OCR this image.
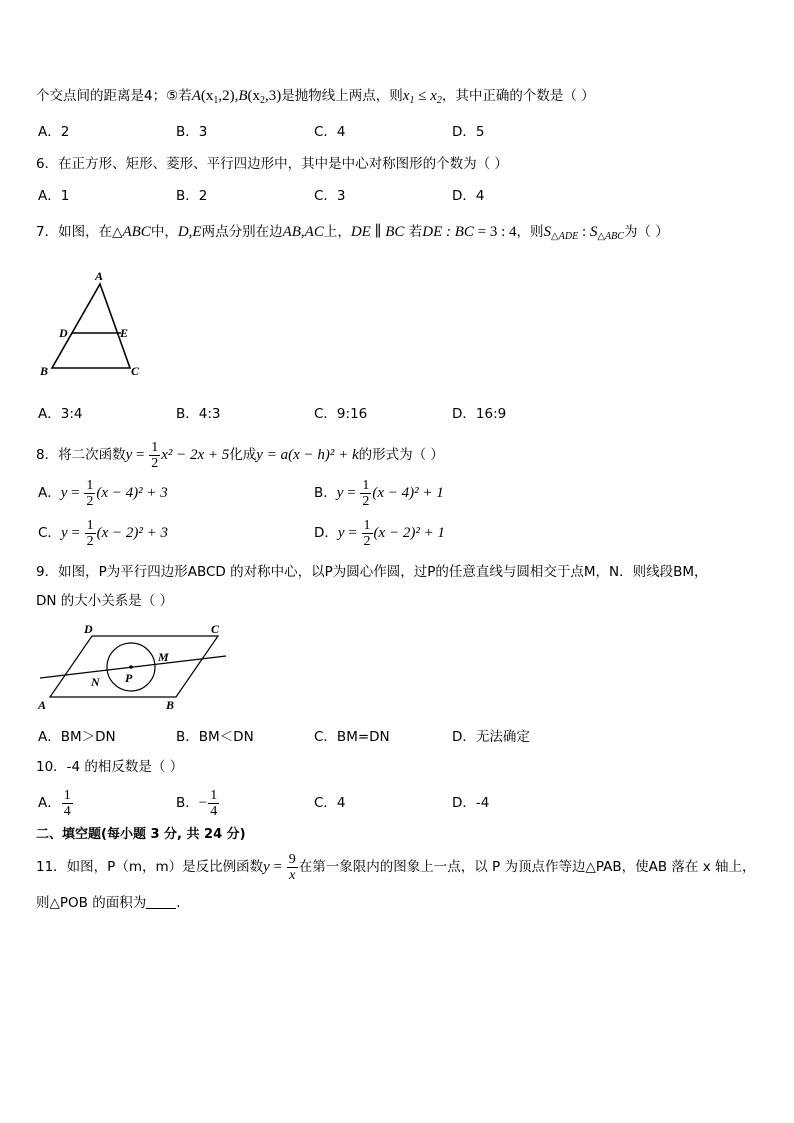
个交点间的距离是4；⑤若$A(x_1,2),B(x_2,3)$是抛物线上两点，则$x_1 \le x_2$，其中正确的个数是（ ）
A．2	B．3	C．4	D．5
6．在正方形、矩形、菱形、平行四边形中，其中是中心对称图形的个数为（ ）
A．1	B．2	C．3	D．4
7．如图，在△ABC中，D,E两点分别在边AB,AC上，DE ∥ BC 若DE : BC = 3 : 4，则$S_{\triangle ADE}$ : $S_{\triangle ABC}$为（ ）
A
D	E
B	C
A．3:4	B．4:3	C．9:16	D．16:9
8．将二次函数$y = \frac{1}{2} x^2 - 2x + 5$化成y = a(x − h)² + k的形式为（ ）
A．$y = \frac{1}{2} (x - 4)^2 + 3$	B．$y = \frac{1}{2} (x - 4)^2 + 1$
C．$y = \frac{1}{2} (x - 2)^2 + 3$	D．$y = \frac{1}{2} (x - 2)^2 + 1$
9．如图，P为平行四边形ABCD 的对称中心，以P为圆心作圆，过P的任意直线与圆相交于点M，N．则线段BM，
DN 的大小关系是（ ）
D	C
M
N P
A	B
A．BM＞DN	B．BM＜DN	C．BM=DN	D．无法确定
10．-4 的相反数是（ ）
A． $\frac{1}{4}$	B．− $\frac{1}{4}$	C．4	D．-4
二、填空题(每小题 3 分, 共 24 分)
11．如图，P（m，m）是反比例函数$y = \frac{9}{x}$ 在第一象限内的图象上一点，以 P 为顶点作等边△PAB，使AB 落在 x 轴上，
则△POB 的面积为 .
